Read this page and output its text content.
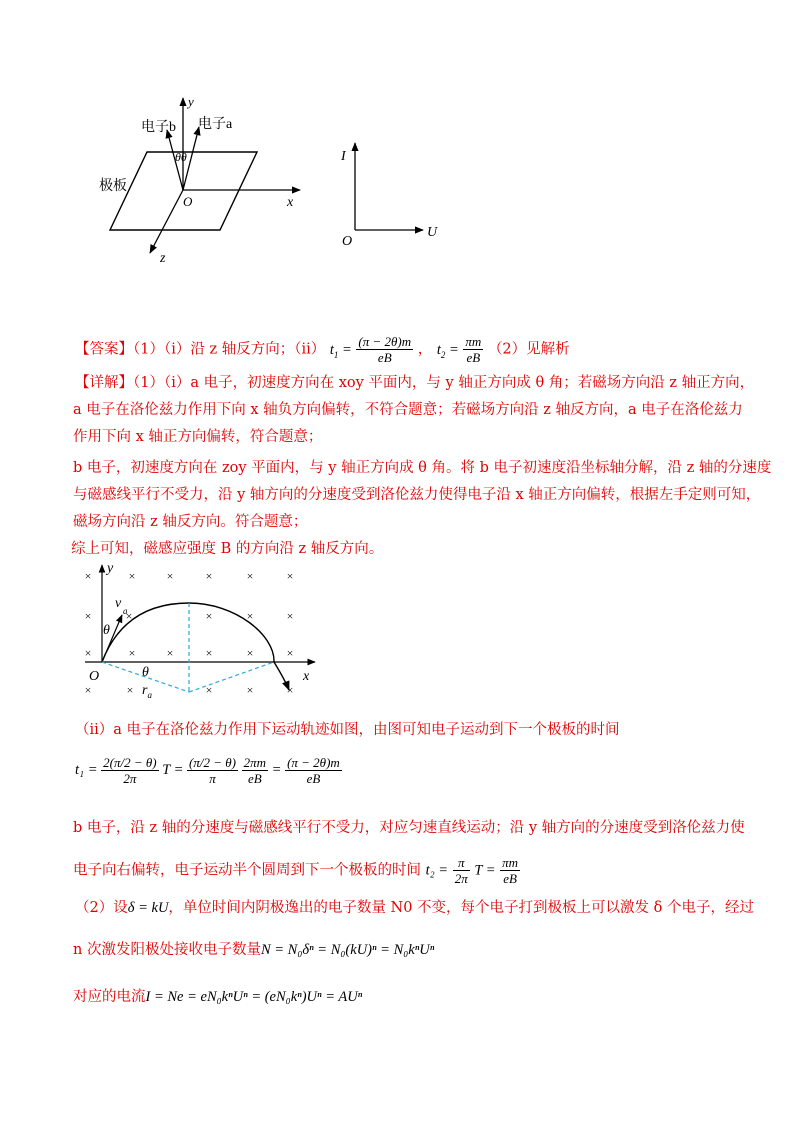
y
x
z
O
θθ
电子a
电子b
极板
I
U
O
【答案】（1）（ⅰ）沿 z 轴反方向；（ⅱ） $t_1 = \frac{(\pi - 2\theta)m}{eB}$ ， $t_2 = \frac{\pi m}{eB} (2)$见解析
【详解】（1）（ⅰ）a 电子，初速度方向在 xoy 平面内，与 y 轴正方向成 θ 角；若磁场方向沿 z 轴正方向，
a 电子在洛伦兹力作用下向 x 轴负方向偏转，不符合题意；若磁场方向沿 z 轴反方向，a 电子在洛伦兹力
作用下向 x 轴正方向偏转，符合题意；
b 电子，初速度方向在 zoy 平面内，与 y 轴正方向成 θ 角。将 b 电子初速度沿坐标轴分解，沿 z 轴的分速度
与磁感线平行不受力，沿 y 轴方向的分速度受到洛伦兹力使得电子沿 x 轴正方向偏转，根据左手定则可知，
磁场方向沿 z 轴反方向。符合题意；
综上可知，磁感应强度 B 的方向沿 z 轴反方向。
×	×	×	×	×	×
×	×	×	×	×
×	×	×	×	×	×
×	×	×	×	×
y
x
O
v a
θ
θ
$r_a$
（ⅱ）a 电子在洛伦兹力作用下运动轨迹如图，由图可知电子运动到下一个极板的时间
$t_1 = \frac{2(\pi/2 - \theta)}{2\pi}$ $T = \frac{(\pi/2 - \theta)}{\pi}$
$\frac{2\pi m}{eB} = \frac{(\pi - 2\theta)m}{eB}$
b 电子，沿 z 轴的分速度与磁感线平行不受力，对应匀速直线运动；沿 y 轴方向的分速度受到洛伦兹力使
电子向右偏转，电子运动半个圆周到下一个极板的时间 $t_2 = \frac{\pi}{2\pi}$ $T = \frac{\pi m}{eB}$
（2）设δ = kU，单位时间内阴极逸出的电子数量 N0 不变，每个电子打到极板上可以激发 δ 个电子，经过
n 次激发阳极处接收电子数量N = N₀δⁿ = N₀(kU)ⁿ = N₀kⁿUⁿ
对应的电流I = Ne = eN₀kⁿUⁿ = (eN₀kⁿ)Uⁿ = AUⁿ
